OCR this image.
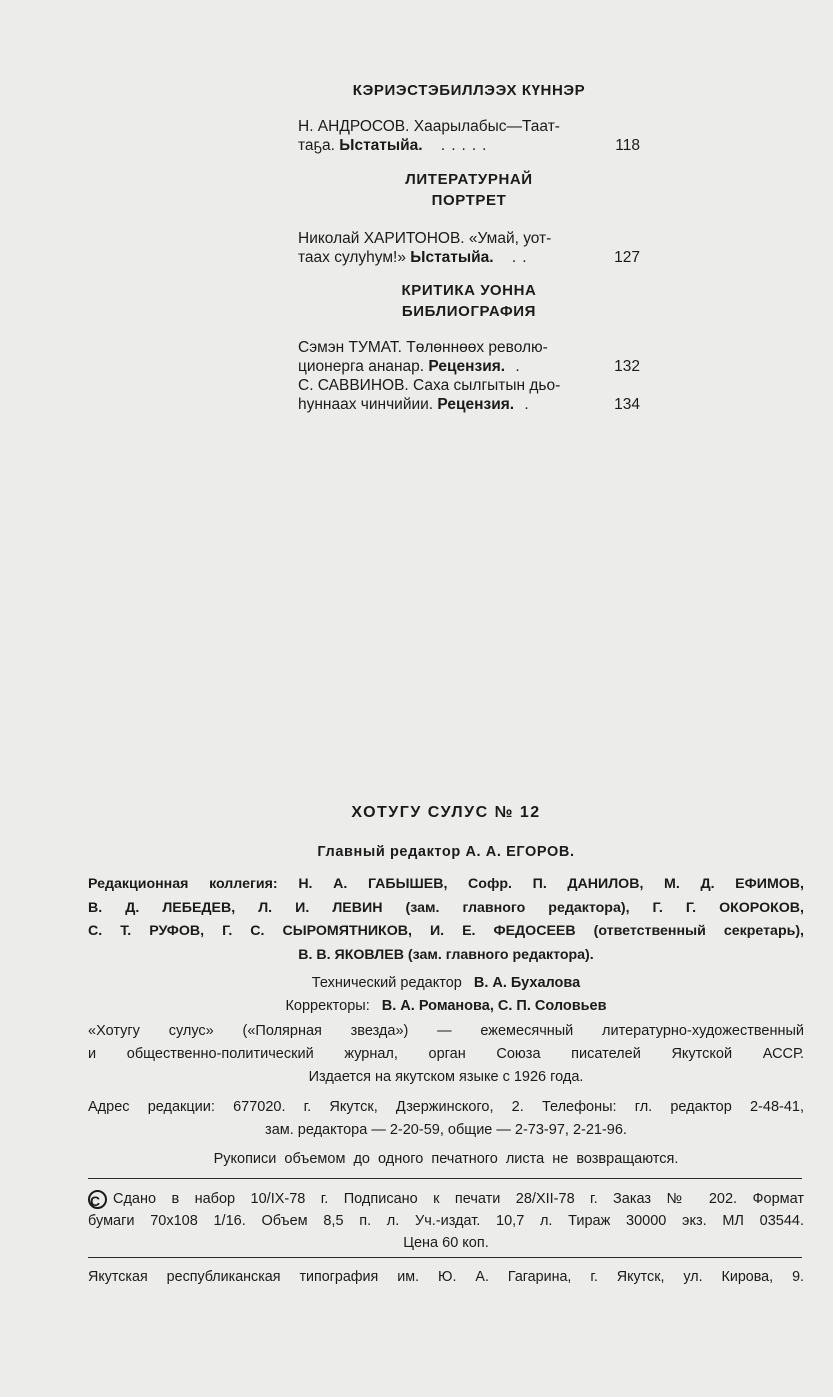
КЭРИЭСТЭБИЛЛЭЭХ КҮННЭР
Н. АНДРОСОВ. Хаарылабыс—Таат-
таҕа. Ыстатыйа. .....	118
ЛИТЕРАТУРНАЙ
ПОРТРЕТ
Николай ХАРИТОНОВ. «Умай, уот-
таах сулуһум!» Ыстатыйа. ..	127
КРИТИКА УОННА
БИБЛИОГРАФИЯ
Сэмэн ТУМАТ. Төлөннөөх револю-
ционерга ананар. Рецензия. .	132
С. САВВИНОВ. Саха сылгытын дьо-
һуннаах чинчийии. Рецензия. .	134
ХОТУГУ СУЛУС № 12
Главный редактор А. А. ЕГОРОВ.
Редакционная коллегия: Н. А. ГАБЫШЕВ, Софр. П. ДАНИЛОВ, М. Д. ЕФИМОВ,
В. Д. ЛЕБЕДЕВ, Л. И. ЛЕВИН (зам. главного редактора), Г. Г. ОКОРОКОВ,
С. Т. РУФОВ, Г. С. СЫРОМЯТНИКОВ, И. Е. ФЕДОСЕЕВ (ответственный секретарь),
В. В. ЯКОВЛЕВ (зам. главного редактора).
Технический редактор В. А. Бухалова
Корректоры: В. А. Романова, С. П. Соловьев
«Хотугу сулус» («Полярная звезда») — ежемесячный литературно-художественный
и общественно-политический журнал, орган Союза писателей Якутской АССР.
Издается на якутском языке с 1926 года.
Адрес редакции: 677020. г. Якутск, Дзержинского, 2. Телефоны: гл. редактор 2-48-41,
зам. редактора — 2-20-59, общие — 2-73-97, 2-21-96.
Рукописи объемом до одного печатного листа не возвращаются.
C Сдано в набор 10/IX-78 г. Подписано к печати 28/XII-78 г. Заказ № 202. Формат
бумаги 70х108 1/16. Объем 8,5 п. л. Уч.-издат. 10,7 л. Тираж 30000 экз. МЛ 03544.
Цена 60 коп.
Якутская республиканская типография им. Ю. А. Гагарина, г. Якутск, ул. Кирова, 9.
